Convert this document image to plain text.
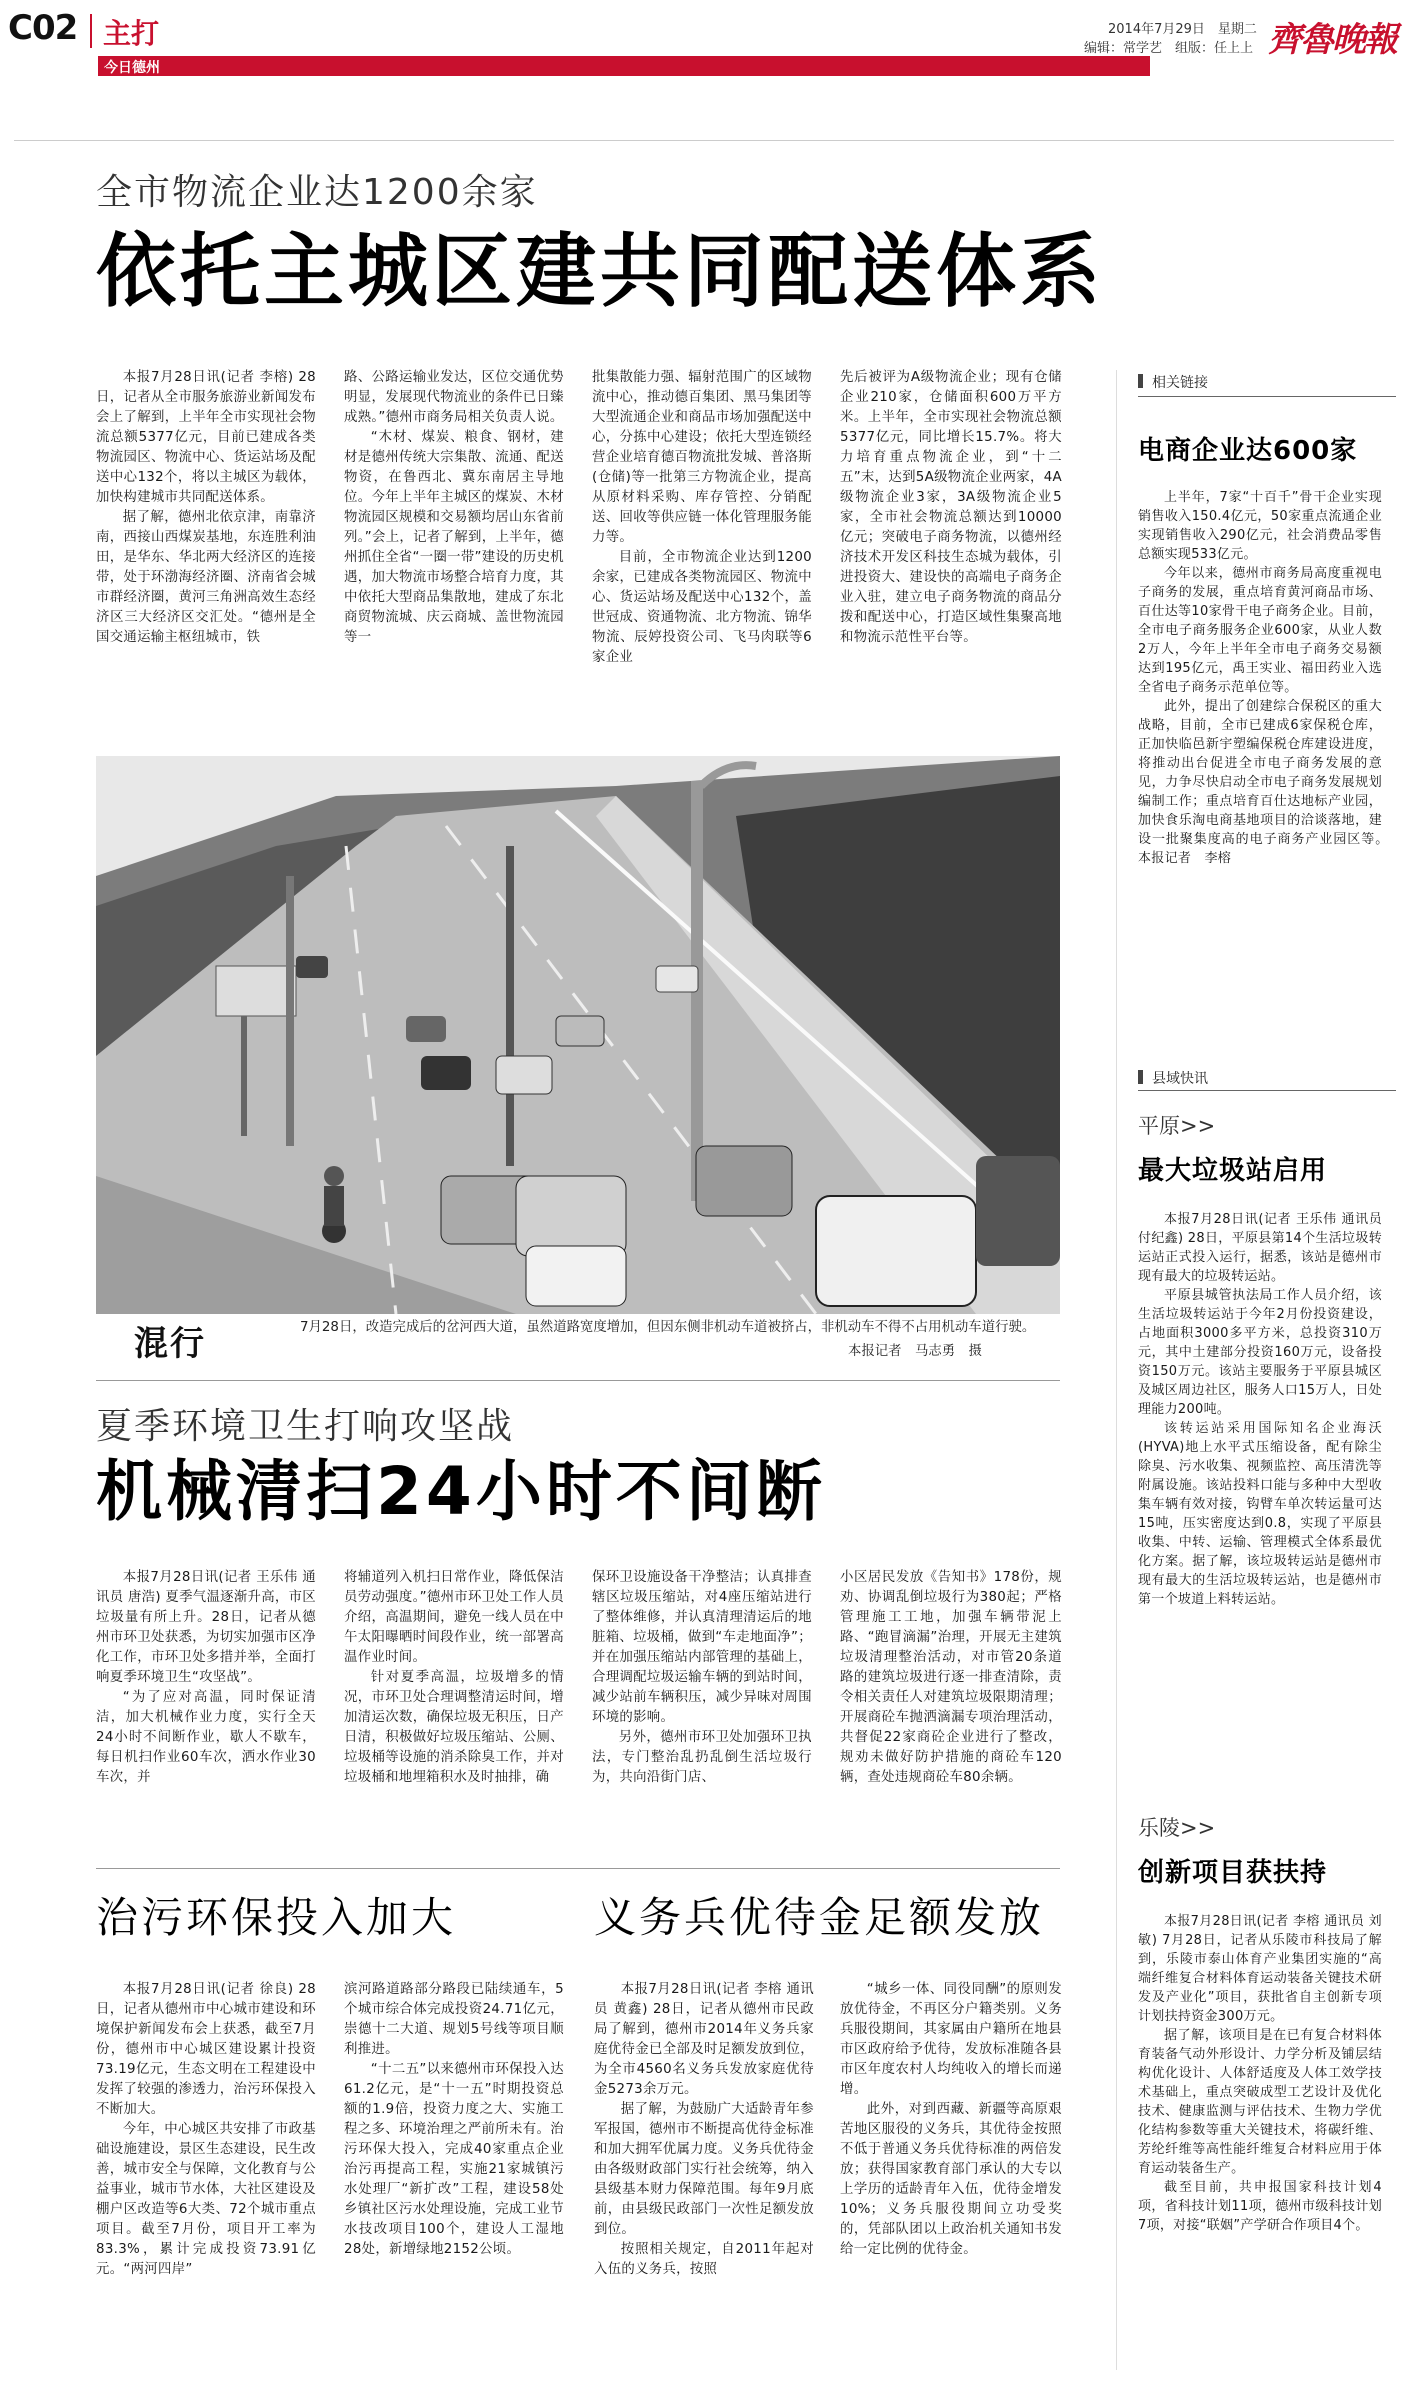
C02 主打
今日德州
2014年7月29日　星期二
编辑：常学艺　组版：任上上 齊魯晚報
全市物流企业达1200余家
依托主城区建共同配送体系

本报7月28日讯(记者 李榕) 28日，记者从全市服务旅游业新闻发布会上了解到，上半年全市实现社会物流总额5377亿元，目前已建成各类物流园区、物流中心、货运站场及配送中心132个，将以主城区为载体，加快构建城市共同配送体系。

据了解，德州北依京津，南靠济南，西接山西煤炭基地，东连胜利油田，是华东、华北两大经济区的连接带，处于环渤海经济圈、济南省会城市群经济圈，黄河三角洲高效生态经济区三大经济区交汇处。“德州是全国交通运输主枢纽城市，铁

路、公路运输业发达，区位交通优势明显，发展现代物流业的条件已日臻成熟。”德州市商务局相关负责人说。

“木材、煤炭、粮食、钢材，建材是德州传统大宗集散、流通、配送物资，在鲁西北、冀东南居主导地位。今年上半年主城区的煤炭、木材物流园区规模和交易额均居山东省前列。”会上，记者了解到，上半年，德州抓住全省“一圈一带”建设的历史机遇，加大物流市场整合培育力度，其中依托大型商品集散地，建成了东北商贸物流城、庆云商城、盖世物流园等一

批集散能力强、辐射范围广的区域物流中心，推动德百集团、黑马集团等大型流通企业和商品市场加强配送中心，分拣中心建设；依托大型连锁经营企业培育德百物流批发城、普洛斯(仓储)等一批第三方物流企业，提高从原材料采购、库存管控、分销配送、回收等供应链一体化管理服务能力等。

目前，全市物流企业达到1200余家，已建成各类物流园区、物流中心、货运站场及配送中心132个，盖世冠成、资通物流、北方物流、锦华物流、辰婷投资公司、飞马肉联等6家企业

先后被评为A级物流企业；现有仓储企业210家，仓储面积600万平方米。上半年，全市实现社会物流总额5377亿元，同比增长15.7%。将大力培育重点物流企业，到“十二五”末，达到5A级物流企业两家，4A级物流企业3家，3A级物流企业5家，全市社会物流总额达到10000亿元；突破电子商务物流，以德州经济技术开发区科技生态城为载体，引进投资大、建设快的高端电子商务企业入驻，建立电子商务物流的商品分拨和配送中心，打造区域性集聚高地和物流示范性平台等。

混行	7月28日，改造完成后的岔河西大道，虽然道路宽度增加，但因东侧非机动车道被挤占，非机动车不得不占用机动车道行驶。
本报记者　马志勇　摄
夏季环境卫生打响攻坚战
机械清扫24小时不间断

本报7月28日讯(记者 王乐伟 通讯员 唐浩) 夏季气温逐渐升高，市区垃圾量有所上升。28日，记者从德州市环卫处获悉，为切实加强市区净化工作，市环卫处多措并举，全面打响夏季环境卫生“攻坚战”。

“为了应对高温，同时保证清洁，加大机械作业力度，实行全天24小时不间断作业，歇人不歇车，每日机扫作业60车次，洒水作业30车次，并

将辅道列入机扫日常作业，降低保洁员劳动强度。”德州市环卫处工作人员介绍，高温期间，避免一线人员在中午太阳曝晒时间段作业，统一部署高温作业时间。

针对夏季高温，垃圾增多的情况，市环卫处合理调整清运时间，增加清运次数，确保垃圾无积压，日产日清，积极做好垃圾压缩站、公厕、垃圾桶等设施的消杀除臭工作，并对垃圾桶和地埋箱积水及时抽排，确

保环卫设施设备干净整洁；认真排查辖区垃圾压缩站，对4座压缩站进行了整体维修，并认真清理清运后的地脏箱、垃圾桶，做到“车走地面净”；并在加强压缩站内部管理的基础上，合理调配垃圾运输车辆的到站时间，减少站前车辆积压，减少异味对周围环境的影响。

另外，德州市环卫处加强环卫执法，专门整治乱扔乱倒生活垃圾行为，共向沿街门店、

小区居民发放《告知书》178份，规劝、协调乱倒垃圾行为380起；严格管理施工工地，加强车辆带泥上路、“跑冒滴漏”治理，开展无主建筑垃圾清理整治活动，对市管20条道路的建筑垃圾进行逐一排查清除，责令相关责任人对建筑垃圾限期清理；开展商砼车抛洒滴漏专项治理活动，共督促22家商砼企业进行了整改，规劝未做好防护措施的商砼车120辆，查处违规商砼车80余辆。

治污环保投入加大

本报7月28日讯(记者 徐良) 28日，记者从德州市中心城市建设和环境保护新闻发布会上获悉，截至7月份，德州市中心城区建设累计投资73.19亿元，生态文明在工程建设中发挥了较强的渗透力，治污环保投入不断加大。

今年，中心城区共安排了市政基础设施建设，景区生态建设，民生改善，城市安全与保障，文化教育与公益事业，城市节水体，大社区建设及棚户区改造等6大类、72个城市重点项目。截至7月份，项目开工率为83.3%，累计完成投资73.91亿元。“两河四岸”

滨河路道路部分路段已陆续通车，5个城市综合体完成投资24.71亿元，崇德十二大道、规划5号线等项目顺利推进。

“十二五”以来德州市环保投入达61.2亿元，是“十一五”时期投资总额的1.9倍，投资力度之大、实施工程之多、环境治理之严前所未有。治污环保大投入，完成40家重点企业治污再提高工程，实施21家城镇污水处理厂“新扩改”工程，建设58处乡镇社区污水处理设施，完成工业节水技改项目100个，建设人工湿地28处，新增绿地2152公顷。

义务兵优待金足额发放

本报7月28日讯(记者 李榕 通讯员 黄鑫) 28日，记者从德州市民政局了解到，德州市2014年义务兵家庭优待金已全部及时足额发放到位，为全市4560名义务兵发放家庭优待金5273余万元。

据了解，为鼓励广大适龄青年参军报国，德州市不断提高优待金标准和加大拥军优属力度。义务兵优待金由各级财政部门实行社会统筹，纳入县级基本财力保障范围。每年9月底前，由县级民政部门一次性足额发放到位。

按照相关规定，自2011年起对入伍的义务兵，按照

“城乡一体、同役同酬”的原则发放优待金，不再区分户籍类别。义务兵服役期间，其家属由户籍所在地县市区政府给予优待，发放标准随各县市区年度农村人均纯收入的增长而递增。

此外，对到西藏、新疆等高原艰苦地区服役的义务兵，其优待金按照不低于普通义务兵优待标准的两倍发放；获得国家教育部门承认的大专以上学历的适龄青年入伍，优待金增发10%；义务兵服役期间立功受奖的，凭部队团以上政治机关通知书发给一定比例的优待金。

相关链接
电商企业达600家

上半年，7家“十百千”骨干企业实现销售收入150.4亿元，50家重点流通企业实现销售收入290亿元，社会消费品零售总额实现533亿元。

今年以来，德州市商务局高度重视电子商务的发展，重点培育黄河商品市场、百仕达等10家骨干电子商务企业。目前，全市电子商务服务企业600家，从业人数2万人，今年上半年全市电子商务交易额达到195亿元，禹王实业、福田药业入选全省电子商务示范单位等。

此外，提出了创建综合保税区的重大战略，目前，全市已建成6家保税仓库，正加快临邑新宇塑编保税仓库建设进度，将推动出台促进全市电子商务发展的意见，力争尽快启动全市电子商务发展规划编制工作；重点培育百仕达地标产业园，加快食乐淘电商基地项目的洽谈落地，建设一批聚集度高的电子商务产业园区等。　　本报记者　李榕

县域快讯
平原>>
最大垃圾站启用

本报7月28日讯(记者 王乐伟 通讯员 付纪鑫) 28日，平原县第14个生活垃圾转运站正式投入运行，据悉，该站是德州市现有最大的垃圾转运站。

平原县城管执法局工作人员介绍，该生活垃圾转运站于今年2月份投资建设，占地面积3000多平方米，总投资310万元，其中土建部分投资160万元，设备投资150万元。该站主要服务于平原县城区及城区周边社区，服务人口15万人，日处理能力200吨。

该转运站采用国际知名企业海沃(HYVA)地上水平式压缩设备，配有除尘除臭、污水收集、视频监控、高压清洗等附属设施。该站投料口能与多种中大型收集车辆有效对接，钩臂车单次转运量可达15吨，压实密度达到0.8，实现了平原县收集、中转、运输、管理模式全体系最优化方案。据了解，该垃圾转运站是德州市现有最大的生活垃圾转运站，也是德州市第一个坡道上料转运站。

乐陵>>
创新项目获扶持

本报7月28日讯(记者 李榕 通讯员 刘敏) 7月28日，记者从乐陵市科技局了解到，乐陵市泰山体育产业集团实施的“高端纤维复合材料体育运动装备关键技术研发及产业化”项目，获批省自主创新专项计划扶持资金300万元。

据了解，该项目是在已有复合材料体育装备气动外形设计、力学分析及铺层结构优化设计、人体舒适度及人体工效学技术基础上，重点突破成型工艺设计及优化技术、健康监测与评估技术、生物力学优化结构参数等重大关键技术，将碳纤维、芳纶纤维等高性能纤维复合材料应用于体育运动装备生产。

截至目前，共申报国家科技计划4项，省科技计划11项，德州市级科技计划7项，对接“联姻”产学研合作项目4个。
